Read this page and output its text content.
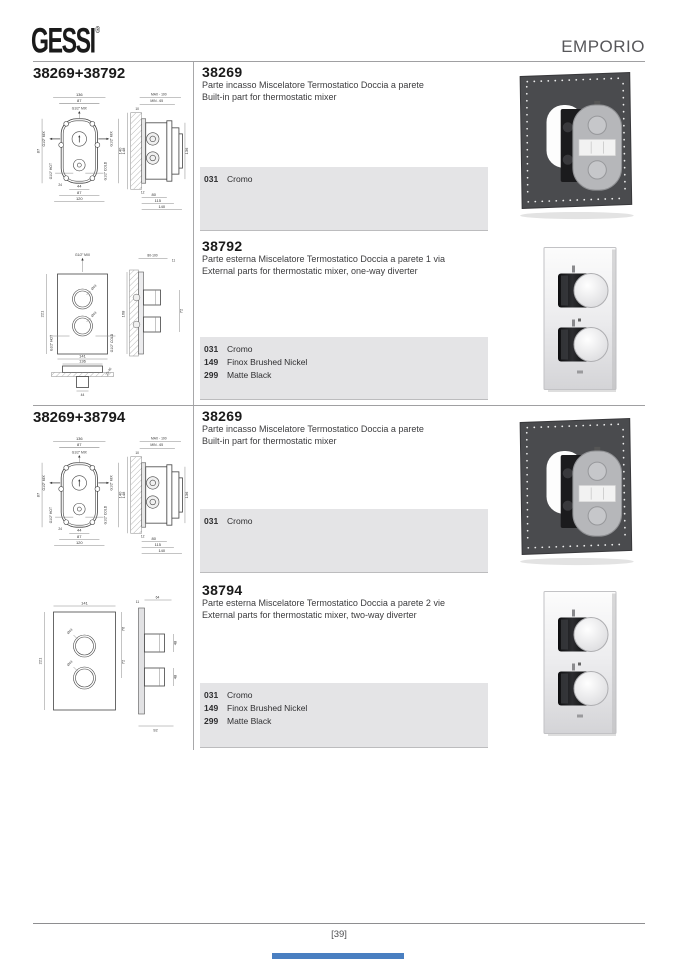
GESSI®
EMPORIO
38269+38792
38269+38794
136
87
G1/2" MIX
G1/2" MIX	G1/2" MIX
G1/2" HOT	G1/2" COLD
87
24
140
44
87
120
MAX - 100
MIN - 65
10
148	136
12 80
115
140
G1/2" MIX
Ø43
Ø43
221
G1/2" HOT	G1/2" COLD
141
136
25-40
44
80-100
11
168	72
136
87
G1/2" MIX
G1/2" MIX	G1/2" MIX
G1/2" HOT	G1/2" COLD
87
24
140
44
87
120
MAX - 100
MIN - 65
10
148	136
12 80
115
140
141
Ø43
Ø43
221
76
72
11
64
48
48
92
38269
Parte incasso Miscelatore Termostatico Doccia a parete
Built-in part for thermostatic mixer
031 Cromo
38792
Parte esterna Miscelatore Termostatico Doccia a parete 1 via
External parts for thermostatic mixer, one-way diverter
031 Cromo
149 Finox Brushed Nickel
299 Matte Black
38269
Parte incasso Miscelatore Termostatico Doccia a parete
Built-in part for thermostatic mixer
031 Cromo
38794
Parte esterna Miscelatore Termostatico Doccia a parete 2 vie
External parts for thermostatic mixer, two-way diverter
031 Cromo
149 Finox Brushed Nickel
299 Matte Black
[39]
